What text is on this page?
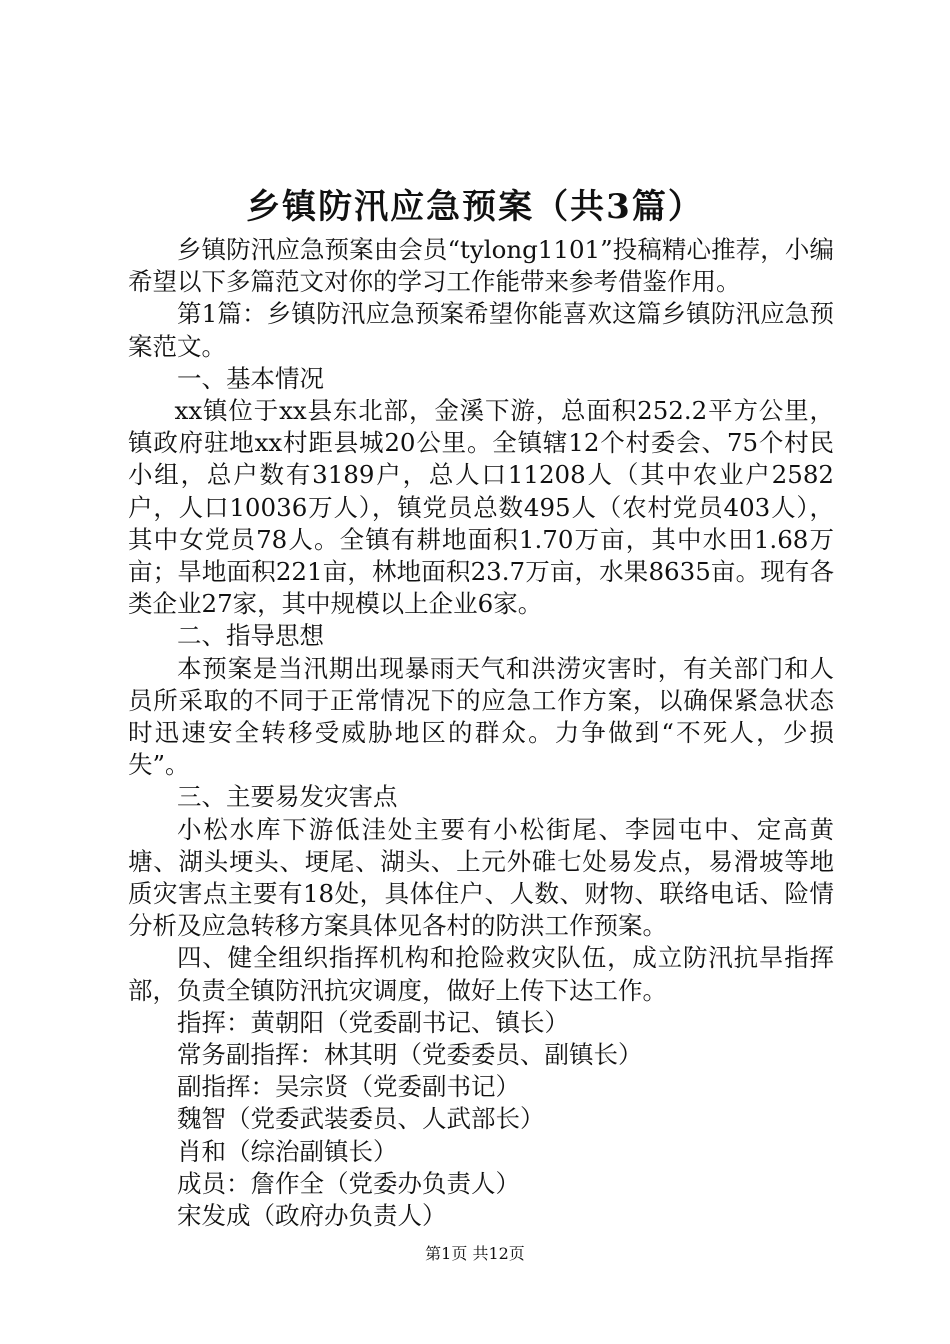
乡镇防汛应急预案（共3篇）

乡镇防汛应急预案由会员“tylong1101”投稿精心推荐，小编希望以下多篇范文对你的学习工作能带来参考借鉴作用。

第1篇：乡镇防汛应急预案希望你能喜欢这篇乡镇防汛应急预案范文。

一、基本情况

xx镇位于xx县东北部，金溪下游，总面积252.2平方公里，镇政府驻地xx村距县城20公里。全镇辖12个村委会、75个村民小组，总户数有3189户，总人口11208人（其中农业户2582户，人口10036万人），镇党员总数495人（农村党员403人），其中女党员78人。全镇有耕地面积1.70万亩，其中水田1.68万亩；旱地面积221亩，林地面积23.7万亩，水果8635亩。现有各类企业27家，其中规模以上企业6家。

二、指导思想

本预案是当汛期出现暴雨天气和洪涝灾害时，有关部门和人员所采取的不同于正常情况下的应急工作方案，以确保紧急状态时迅速安全转移受威胁地区的群众。力争做到“不死人，少损失”。

三、主要易发灾害点

小松水库下游低洼处主要有小松街尾、李园屯中、定高黄塘、湖头埂头、埂尾、湖头、上元外碓七处易发点，易滑坡等地质灾害点主要有18处，具体住户、人数、财物、联络电话、险情分析及应急转移方案具体见各村的防洪工作预案。

四、健全组织指挥机构和抢险救灾队伍，成立防汛抗旱指挥部，负责全镇防汛抗灾调度，做好上传下达工作。

指挥：黄朝阳（党委副书记、镇长）

常务副指挥：林其明（党委委员、副镇长）

副指挥：吴宗贤（党委副书记）

魏智（党委武装委员、人武部长）

肖和（综治副镇长）

成员：詹作全（党委办负责人）

宋发成（政府办负责人）

第1页 共12页
